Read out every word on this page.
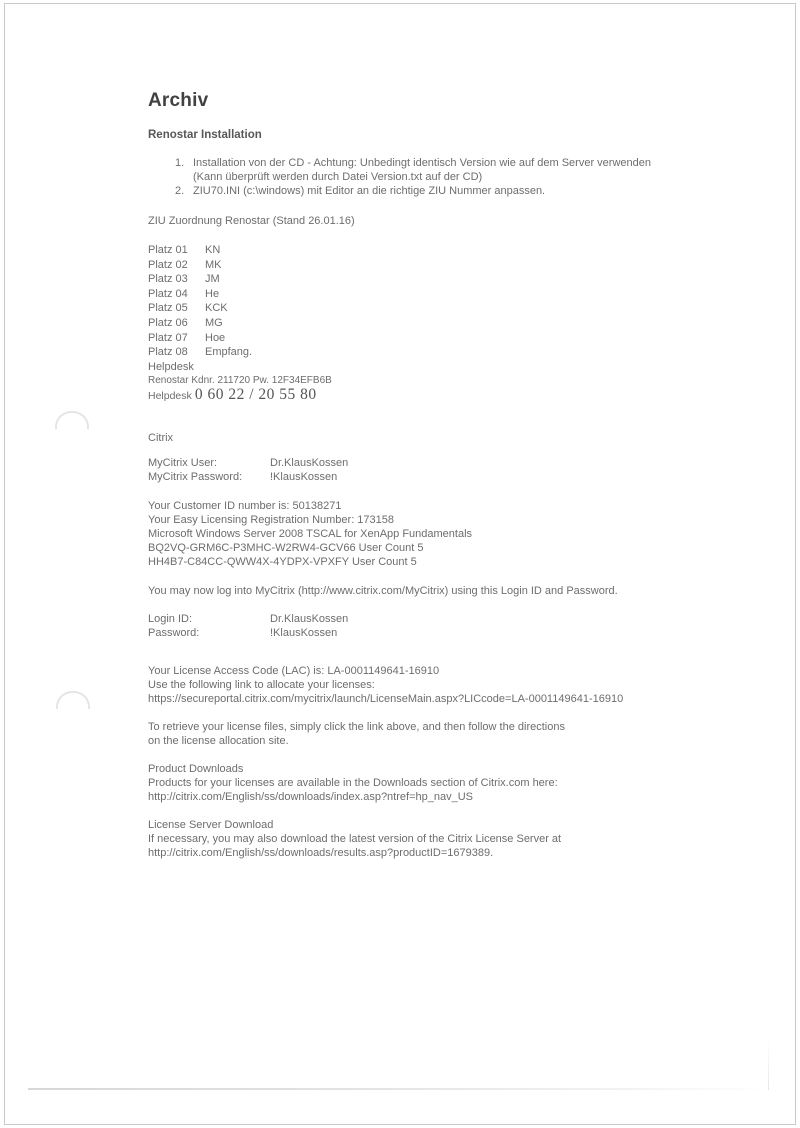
Archiv
Renostar Installation
1. Installation von der CD - Achtung: Unbedingt identisch Version wie auf dem Server verwenden
(Kann überprüft werden durch Datei Version.txt auf der CD)
2. ZIU70.INI (c:\windows) mit Editor an die richtige ZIU Nummer anpassen.
ZIU Zuordnung Renostar (Stand 26.01.16)
Platz 01	KN
Platz 02	MK
Platz 03	JM
Platz 04	He
Platz 05	KCK
Platz 06	MG
Platz 07	Hoe
Platz 08	Empfang.
Helpdesk
Renostar Kdnr. 211720 Pw. 12F34EFB6B
Helpdesk 0 60 22 / 20 55 80
Citrix
MyCitrix User:	Dr.KlausKossen
MyCitrix Password:	!KlausKossen
Your Customer ID number is: 50138271
Your Easy Licensing Registration Number: 173158
Microsoft Windows Server 2008 TSCAL for XenApp Fundamentals
BQ2VQ-GRM6C-P3MHC-W2RW4-GCV66 User Count 5
HH4B7-C84CC-QWW4X-4YDPX-VPXFY User Count 5
You may now log into MyCitrix (http://www.citrix.com/MyCitrix) using this Login ID and Password.
Login ID:	Dr.KlausKossen
Password:	!KlausKossen
Your License Access Code (LAC) is: LA-0001149641-16910
Use the following link to allocate your licenses:
https://secureportal.citrix.com/mycitrix/launch/LicenseMain.aspx?LICcode=LA-0001149641-16910
To retrieve your license files, simply click the link above, and then follow the directions
on the license allocation site.
Product Downloads
Products for your licenses are available in the Downloads section of Citrix.com here:
http://citrix.com/English/ss/downloads/index.asp?ntref=hp_nav_US
License Server Download
If necessary, you may also download the latest version of the Citrix License Server at
http://citrix.com/English/ss/downloads/results.asp?productID=1679389.
